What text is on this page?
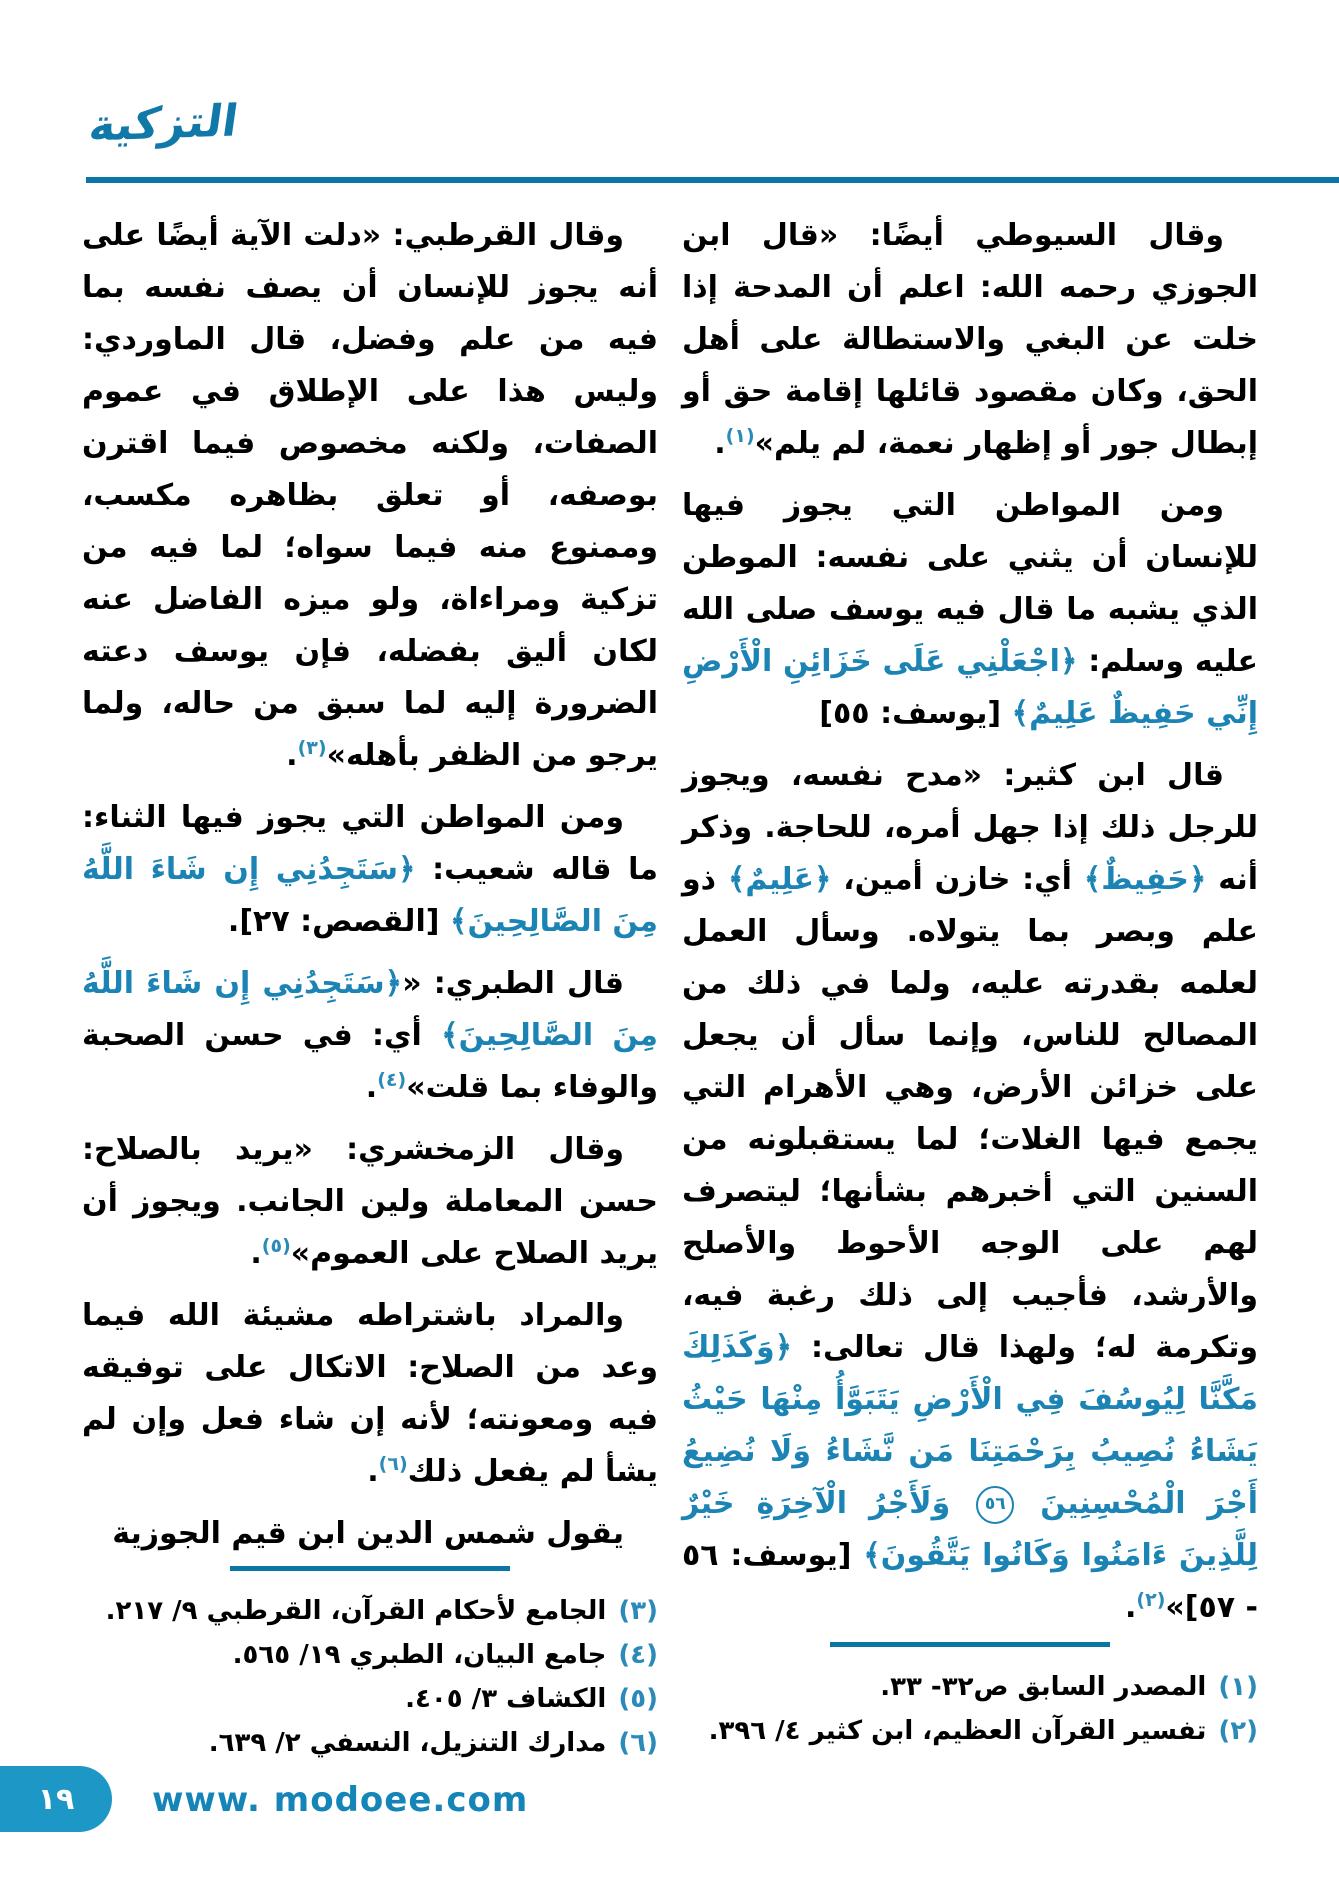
التزكية

وقال السيوطي أيضًا: «قال ابن الجوزي رحمه الله: اعلم أن المدحة إذا خلت عن البغي والاستطالة على أهل الحق، وكان مقصود قائلها إقامة حق أو إبطال جور أو إظهار نعمة، لم يلم»$^{(١)}$.

ومن المواطن التي يجوز فيها للإنسان أن يثني على نفسه: الموطن الذي يشبه ما قال فيه يوسف صلى الله عليه وسلم: ﴿اجْعَلْنِي عَلَى خَزَائِنِ الْأَرْضِ إِنِّي حَفِيظٌ عَلِيمٌ﴾ [يوسف: ٥٥]

قال ابن كثير: «مدح نفسه، ويجوز للرجل ذلك إذا جهل أمره، للحاجة. وذكر أنه ﴿حَفِيظٌ﴾ أي: خازن أمين، ﴿عَلِيمٌ﴾ ذو علم وبصر بما يتولاه. وسأل العمل لعلمه بقدرته عليه، ولما في ذلك من المصالح للناس، وإنما سأل أن يجعل على خزائن الأرض، وهي الأهرام التي يجمع فيها الغلات؛ لما يستقبلونه من السنين التي أخبرهم بشأنها؛ ليتصرف لهم على الوجه الأحوط والأصلح والأرشد، فأجيب إلى ذلك رغبة فيه، وتكرمة له؛ ولهذا قال تعالى: ﴿وَكَذَلِكَ مَكَّنَّا لِيُوسُفَ فِي الْأَرْضِ يَتَبَوَّأُ مِنْهَا حَيْثُ يَشَاءُ نُصِيبُ بِرَحْمَتِنَا مَن نَّشَاءُ وَلَا نُضِيعُ أَجْرَ الْمُحْسِنِينَ ٥٦ وَلَأَجْرُ الْآخِرَةِ خَيْرٌ لِلَّذِينَ ءَامَنُوا وَكَانُوا يَتَّقُونَ﴾ [يوسف: ٥٦ - ٥٧]»$^{(٢)}$.

(١)المصدر السابق ص٣٢- ٣٣.
(٢)تفسير القرآن العظيم، ابن كثير ٤/ ٣٩٦.

وقال القرطبي: «دلت الآية أيضًا على أنه يجوز للإنسان أن يصف نفسه بما فيه من علم وفضل، قال الماوردي: وليس هذا على الإطلاق في عموم الصفات، ولكنه مخصوص فيما اقترن بوصفه، أو تعلق بظاهره مكسب، وممنوع منه فيما سواه؛ لما فيه من تزكية ومراءاة، ولو ميزه الفاضل عنه لكان أليق بفضله، فإن يوسف دعته الضرورة إليه لما سبق من حاله، ولما يرجو من الظفر بأهله»$^{(٣)}$.

ومن المواطن التي يجوز فيها الثناء: ما قاله شعيب: ﴿سَتَجِدُنِي إِن شَاءَ اللَّهُ مِنَ الصَّالِحِينَ﴾ [القصص: ٢٧].

قال الطبري: «﴿سَتَجِدُنِي إِن شَاءَ اللَّهُ مِنَ الصَّالِحِينَ﴾ أي: في حسن الصحبة والوفاء بما قلت»$^{(٤)}$.

وقال الزمخشري: «يريد بالصلاح: حسن المعاملة ولين الجانب. ويجوز أن يريد الصلاح على العموم»$^{(٥)}$.

والمراد باشتراطه مشيئة الله فيما وعد من الصلاح: الاتكال على توفيقه فيه ومعونته؛ لأنه إن شاء فعل وإن لم يشأ لم يفعل ذلك$^{(٦)}$.

يقول شمس الدين ابن قيم الجوزية

(٣)الجامع لأحكام القرآن، القرطبي ٩/ ٢١٧.
(٤)جامع البيان، الطبري ١٩/ ٥٦٥.
(٥)الكشاف ٣/ ٤٠٥.
(٦)مدارك التنزيل، النسفي ٢/ ٦٣٩.
١٩ www. modoee.com
